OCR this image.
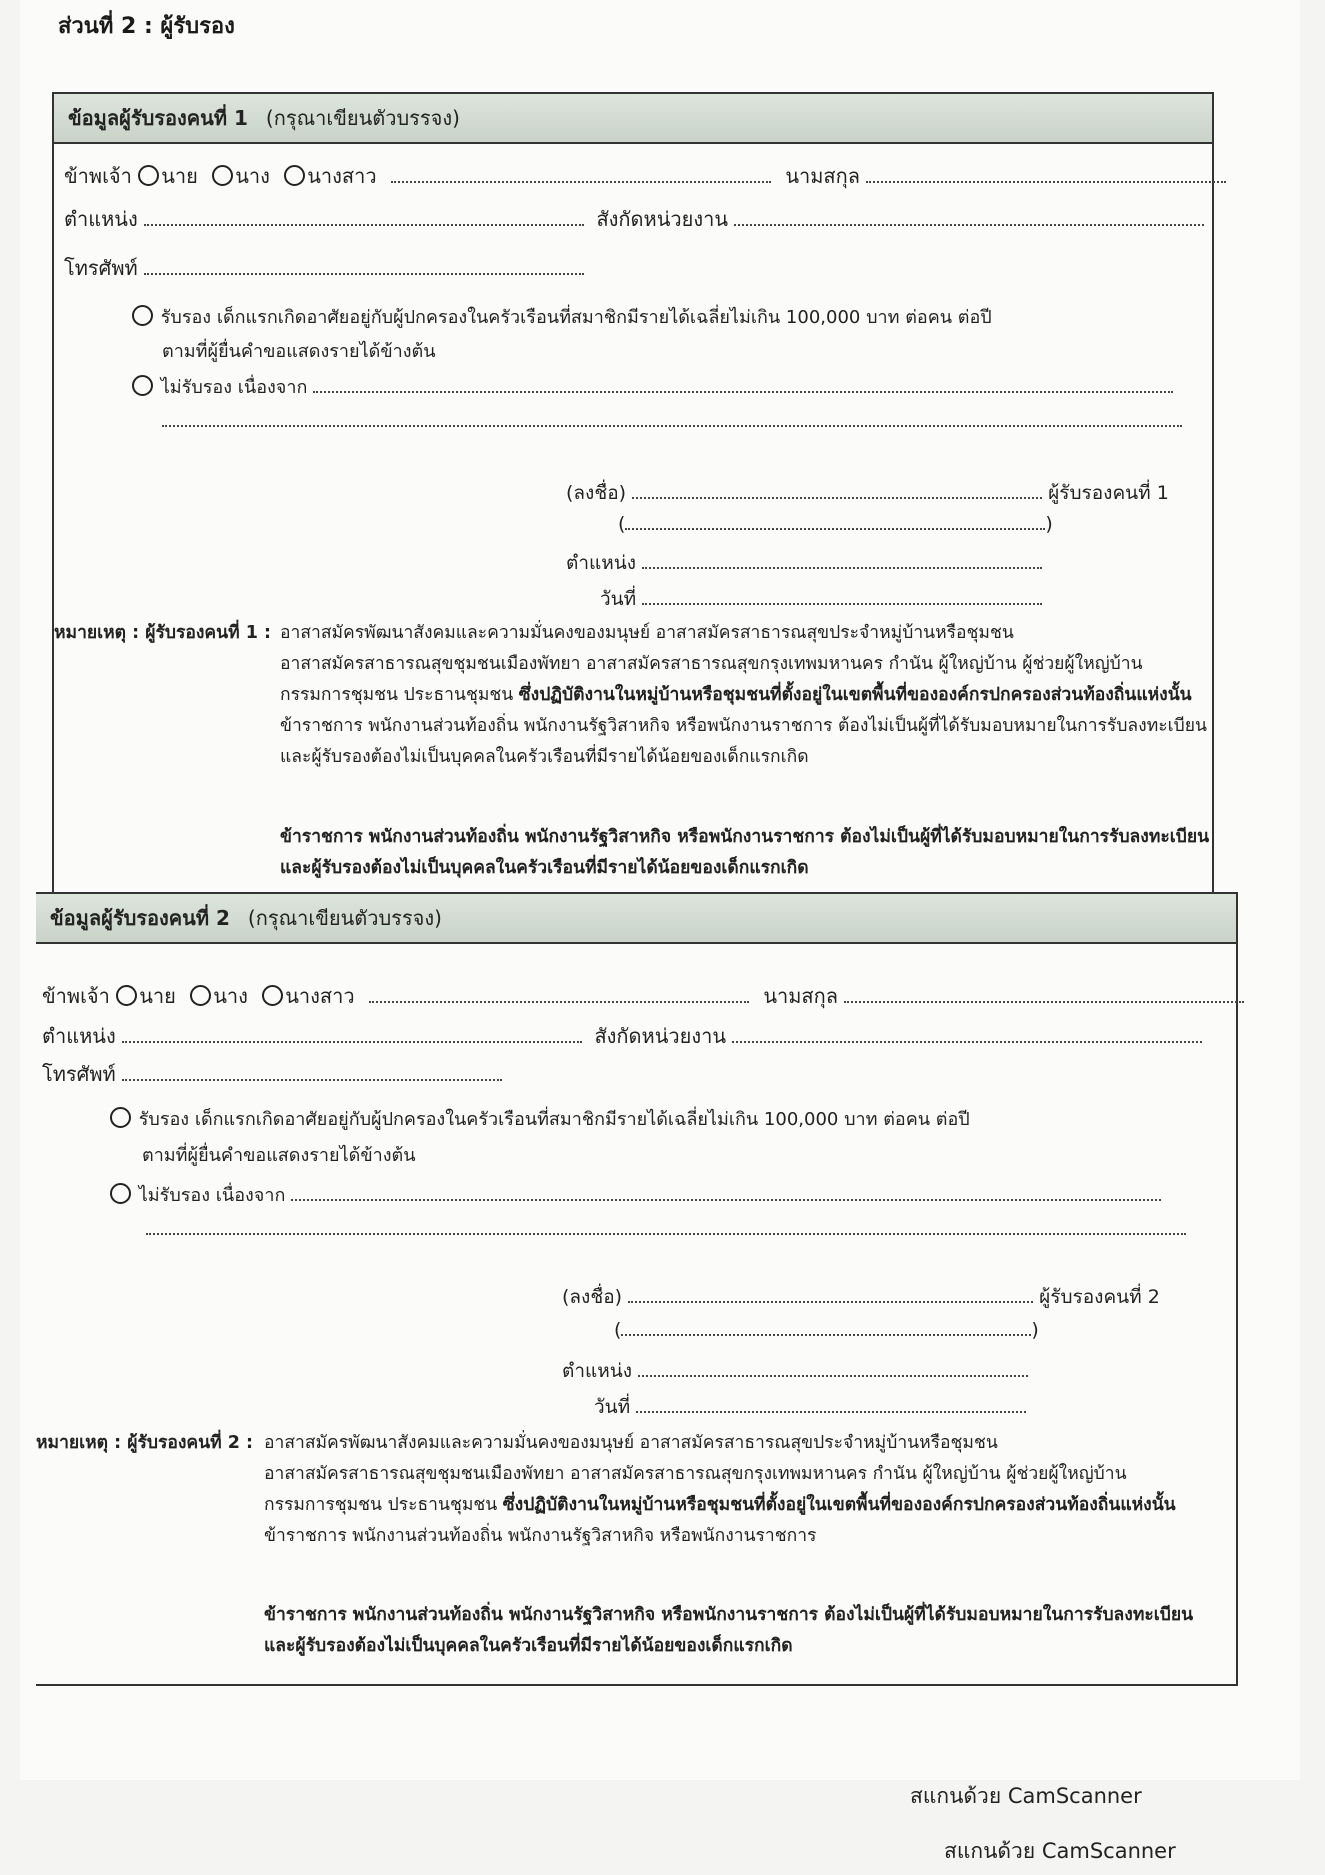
ส่วนที่ 2 : ผู้รับรอง
ข้อมูลผู้รับรองคนที่ 1 (กรุณาเขียนตัวบรรจง)
ข้าพเจ้า นาย นาง นางสาว	นามสกุล
ตำแหน่ง	สังกัดหน่วยงาน
โทรศัพท์
รับรอง เด็กแรกเกิดอาศัยอยู่กับผู้ปกครองในครัวเรือนที่สมาชิกมีรายได้เฉลี่ยไม่เกิน 100,000 บาท ต่อคน ต่อปี
ตามที่ผู้ยื่นคำขอแสดงรายได้ข้างต้น
ไม่รับรอง เนื่องจาก
(ลงชื่อ)	ผู้รับรองคนที่ 1
(	)
ตำแหน่ง
วันที่
หมายเหตุ : ผู้รับรองคนที่ 1 : อาสาสมัครพัฒนาสังคมและความมั่นคงของมนุษย์ อาสาสมัครสาธารณสุขประจำหมู่บ้านหรือชุมชน
อาสาสมัครสาธารณสุขชุมชนเมืองพัทยา อาสาสมัครสาธารณสุขกรุงเทพมหานคร กำนัน ผู้ใหญ่บ้าน ผู้ช่วยผู้ใหญ่บ้าน
กรรมการชุมชน ประธานชุมชน ซึ่งปฏิบัติงานในหมู่บ้านหรือชุมชนที่ตั้งอยู่ในเขตพื้นที่ขององค์กรปกครองส่วนท้องถิ่นแห่งนั้น
ข้าราชการ พนักงานส่วนท้องถิ่น พนักงานรัฐวิสาหกิจ หรือพนักงานราชการ ต้องไม่เป็นผู้ที่ได้รับมอบหมายในการรับลงทะเบียน
และผู้รับรองต้องไม่เป็นบุคคลในครัวเรือนที่มีรายได้น้อยของเด็กแรกเกิด
ข้าราชการ พนักงานส่วนท้องถิ่น พนักงานรัฐวิสาหกิจ หรือพนักงานราชการ ต้องไม่เป็นผู้ที่ได้รับมอบหมายในการรับลงทะเบียน
และผู้รับรองต้องไม่เป็นบุคคลในครัวเรือนที่มีรายได้น้อยของเด็กแรกเกิด
ข้อมูลผู้รับรองคนที่ 2 (กรุณาเขียนตัวบรรจง)
ข้าพเจ้า นาย นาง นางสาว	นามสกุล
ตำแหน่ง	สังกัดหน่วยงาน
โทรศัพท์
รับรอง เด็กแรกเกิดอาศัยอยู่กับผู้ปกครองในครัวเรือนที่สมาชิกมีรายได้เฉลี่ยไม่เกิน 100,000 บาท ต่อคน ต่อปี
ตามที่ผู้ยื่นคำขอแสดงรายได้ข้างต้น
ไม่รับรอง เนื่องจาก
(ลงชื่อ)	ผู้รับรองคนที่ 2
(	)
ตำแหน่ง
วันที่
หมายเหตุ : ผู้รับรองคนที่ 2 : อาสาสมัครพัฒนาสังคมและความมั่นคงของมนุษย์ อาสาสมัครสาธารณสุขประจำหมู่บ้านหรือชุมชน
อาสาสมัครสาธารณสุขชุมชนเมืองพัทยา อาสาสมัครสาธารณสุขกรุงเทพมหานคร กำนัน ผู้ใหญ่บ้าน ผู้ช่วยผู้ใหญ่บ้าน
กรรมการชุมชน ประธานชุมชน ซึ่งปฏิบัติงานในหมู่บ้านหรือชุมชนที่ตั้งอยู่ในเขตพื้นที่ขององค์กรปกครองส่วนท้องถิ่นแห่งนั้น
ข้าราชการ พนักงานส่วนท้องถิ่น พนักงานรัฐวิสาหกิจ หรือพนักงานราชการ
ข้าราชการ พนักงานส่วนท้องถิ่น พนักงานรัฐวิสาหกิจ หรือพนักงานราชการ ต้องไม่เป็นผู้ที่ได้รับมอบหมายในการรับลงทะเบียน
และผู้รับรองต้องไม่เป็นบุคคลในครัวเรือนที่มีรายได้น้อยของเด็กแรกเกิด
สแกนด้วย CamScanner
สแกนด้วย CamScanner
